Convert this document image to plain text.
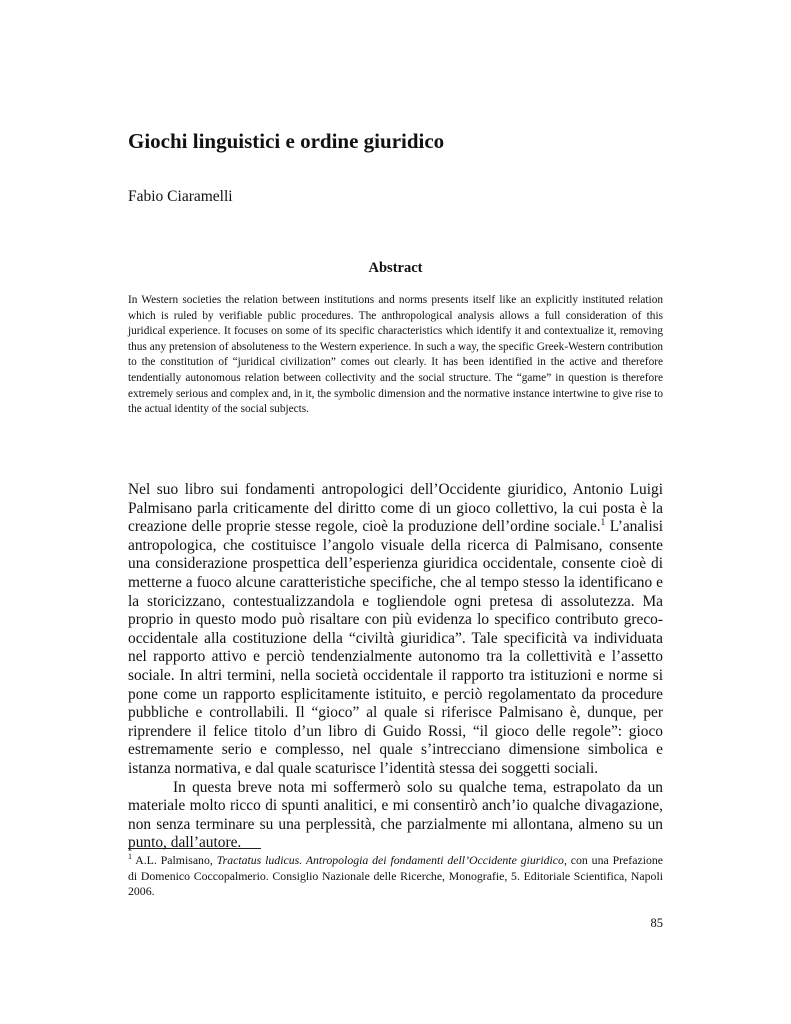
Giochi linguistici e ordine giuridico
Fabio Ciaramelli
Abstract

In Western societies the relation between institutions and norms presents itself like an explicitly instituted relation which is ruled by verifiable public procedures. The anthropological analysis allows a full consideration of this juridical experience. It focuses on some of its specific characteristics which identify it and contextualize it, removing thus any pretension of absoluteness to the Western experience. In such a way, the specific Greek-Western contribution to the constitution of “juridical civilization” comes out clearly. It has been identified in the active and therefore tendentially autonomous relation between collectivity and the social structure. The “game” in question is therefore extremely serious and complex and, in it, the symbolic dimension and the normative instance intertwine to give rise to the actual identity of the social subjects.

Nel suo libro sui fondamenti antropologici dell’Occidente giuridico, Antonio Luigi Palmisano parla criticamente del diritto come di un gioco collettivo, la cui posta è la creazione delle proprie stesse regole, cioè la produzione dell’ordine sociale.$^1$ L’analisi antropologica, che costituisce l’angolo visuale della ricerca di Palmisano, consente una considerazione prospettica dell’esperienza giuridica occidentale, consente cioè di metterne a fuoco alcune caratteristiche specifiche, che al tempo stesso la identificano e la storicizzano, contestualizzandola e togliendole ogni pretesa di assolutezza. Ma proprio in questo modo può risaltare con più evidenza lo specifico contributo greco-occidentale alla costituzione della “civiltà giuridica”. Tale specificità va individuata nel rapporto attivo e perciò tendenzialmente autonomo tra la collettività e l’assetto sociale. In altri termini, nella società occidentale il rapporto tra istituzioni e norme si pone come un rapporto esplicitamente istituito, e perciò regolamentato da procedure pubbliche e controllabili. Il “gioco” al quale si riferisce Palmisano è, dunque, per riprendere il felice titolo d’un libro di Guido Rossi, “il gioco delle regole”: gioco estremamente serio e complesso, nel quale s’intrecciano dimensione simbolica e istanza normativa, e dal quale scaturisce l’identità stessa dei soggetti sociali.

In questa breve nota mi soffermerò solo su qualche tema, estrapolato da un materiale molto ricco di spunti analitici, e mi consentirò anch’io qualche divagazione, non senza terminare su una perplessità, che parzialmente mi allontana, almeno su un punto, dall’autore.

$^1$ A.L. Palmisano, Tractatus ludicus. Antropologia dei fondamenti dell’Occidente giuridico, con una Prefazione di Domenico Coccopalmerio. Consiglio Nazionale delle Ricerche, Monografie, 5. Editoriale Scientifica, Napoli 2006.
85
